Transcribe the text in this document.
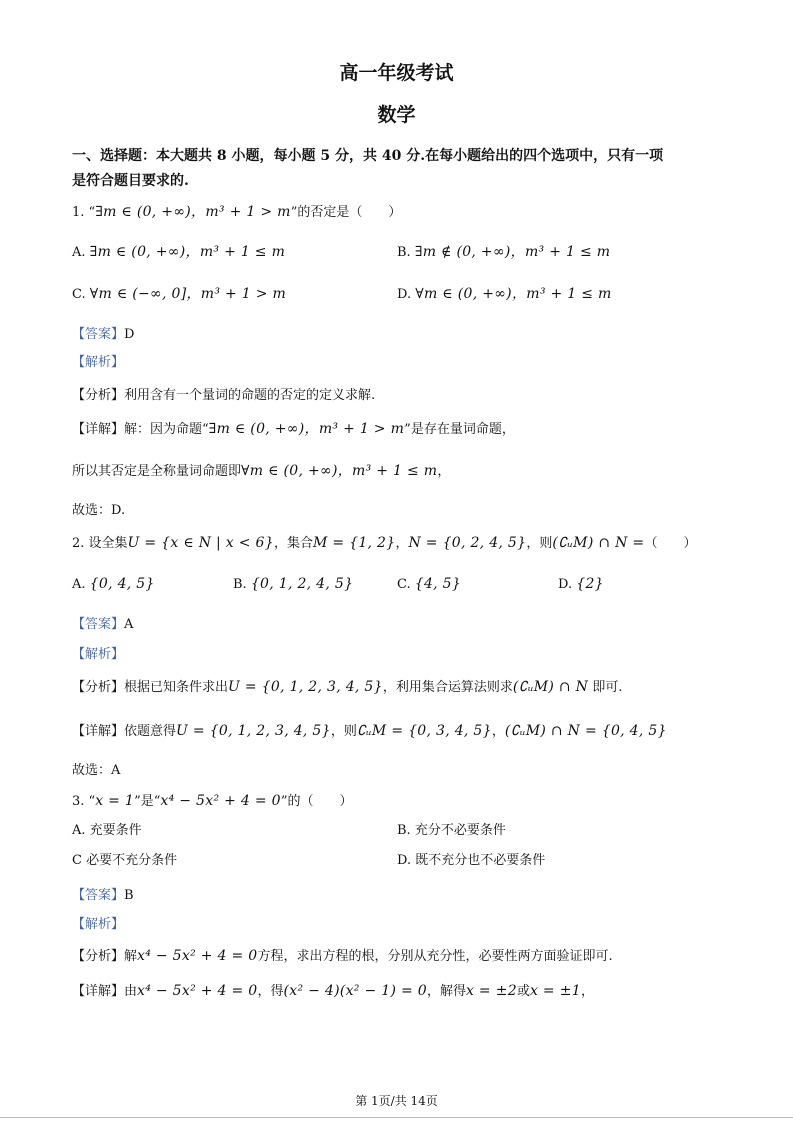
高一年级考试
数学
一、选择题：本大题共 8 小题，每小题 5 分，共 40 分.在每小题给出的四个选项中，只有一项
是符合题目要求的.
1. “∃m ∈ (0, +∞)，m³ + 1 > m”的否定是（　　）
A. ∃m ∈ (0, +∞)，m³ + 1 ≤ m	B. ∃m ∉ (0, +∞)，m³ + 1 ≤ m
C. ∀m ∈ (−∞, 0]，m³ + 1 > m	D. ∀m ∈ (0, +∞)，m³ + 1 ≤ m
【答案】D
【解析】
【分析】利用含有一个量词的命题的否定的定义求解.
【详解】解：因为命题“∃m ∈ (0, +∞)，m³ + 1 > m”是存在量词命题，
所以其否定是全称量词命题即∀m ∈ (0, +∞)，m³ + 1 ≤ m，
故选：D.
2. 设全集U = {x ∈ N | x < 6}，集合M = {1, 2}，N = {0, 2, 4, 5}，则(∁ᵤM) ∩ N =（　　）
A. {0, 4, 5}	B. {0, 1, 2, 4, 5}	C. {4, 5}	D. {2}
【答案】A
【解析】
【分析】根据已知条件求出U = {0, 1, 2, 3, 4, 5}，利用集合运算法则求(∁ᵤM) ∩ N 即可.
【详解】依题意得U = {0, 1, 2, 3, 4, 5}，则∁ᵤM = {0, 3, 4, 5}，(∁ᵤM) ∩ N = {0, 4, 5}
故选：A
3. “x = 1”是“x⁴ − 5x² + 4 = 0”的（　　）
A. 充要条件	B. 充分不必要条件
C 必要不充分条件	D. 既不充分也不必要条件
【答案】B
【解析】
【分析】解x⁴ − 5x² + 4 = 0方程，求出方程的根，分别从充分性，必要性两方面验证即可.
【详解】由x⁴ − 5x² + 4 = 0，得(x² − 4)(x² − 1) = 0，解得x = ±2或x = ±1，
第 1页/共 14页
